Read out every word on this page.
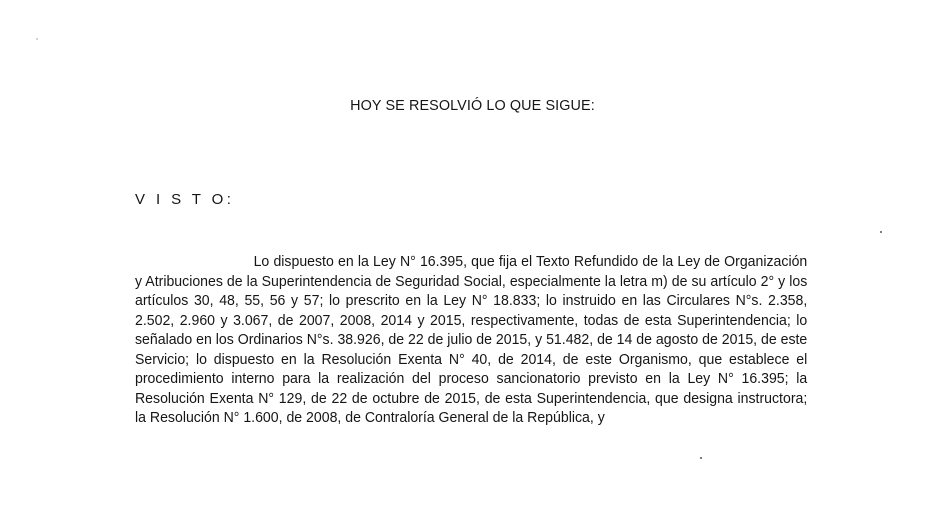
HOY SE RESOLVIÓ LO QUE SIGUE:
V I S T O:
Lo dispuesto en la Ley N° 16.395, que fija el Texto Refundido de la Ley de Organización y Atribuciones de la Superintendencia de Seguridad Social, especialmente la letra m) de su artículo 2° y los artículos 30, 48, 55, 56 y 57; lo prescrito en la Ley N° 18.833; lo instruido en las Circulares N°s. 2.358, 2.502, 2.960 y 3.067, de 2007, 2008, 2014 y 2015, respectivamente, todas de esta Superintendencia; lo señalado en los Ordinarios N°s. 38.926, de 22 de julio de 2015, y 51.482, de 14 de agosto de 2015, de este Servicio; lo dispuesto en la Resolución Exenta N° 40, de 2014, de este Organismo, que establece el procedimiento interno para la realización del proceso sancionatorio previsto en la Ley N° 16.395; la Resolución Exenta N° 129, de 22 de octubre de 2015, de esta Superintendencia, que designa instructora; la Resolución N° 1.600, de 2008, de Contraloría General de la República, y
